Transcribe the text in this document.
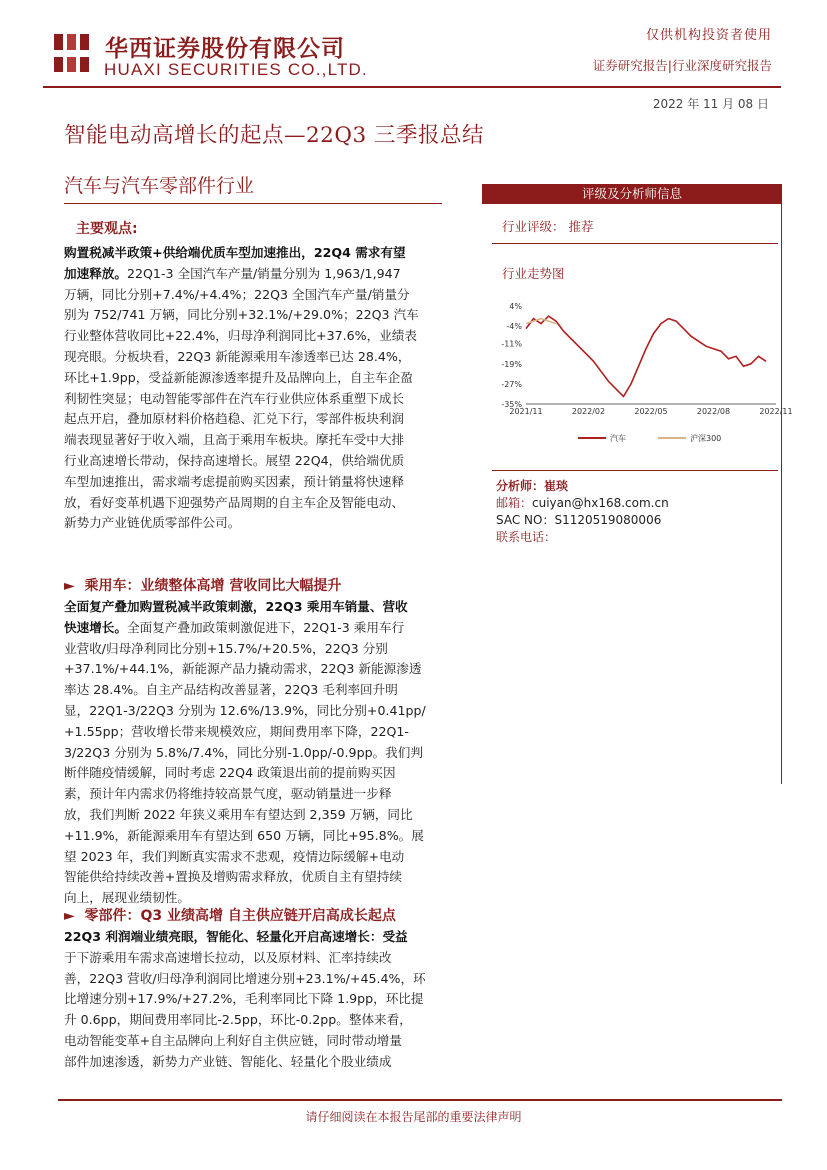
华西证券股份有限公司
HUAXI SECURITIES CO.,LTD.
仅供机构投资者使用
证券研究报告|行业深度研究报告
2022 年 11 月 08 日
智能电动高增长的起点—22Q3 三季报总结
汽车与汽车零部件行业
主要观点:
购置税减半政策+供给端优质车型加速推出，22Q4 需求有望
加速释放。22Q1-3 全国汽车产量/销量分别为 1,963/1,947
万辆，同比分别+7.4%/+4.4%；22Q3 全国汽车产量/销量分
别为 752/741 万辆，同比分别+32.1%/+29.0%；22Q3 汽车
行业整体营收同比+22.4%，归母净利润同比+37.6%，业绩表
现亮眼。分板块看，22Q3 新能源乘用车渗透率已达 28.4%，
环比+1.9pp，受益新能源渗透率提升及品牌向上，自主车企盈
利韧性突显；电动智能零部件在汽车行业供应体系重塑下成长
起点开启，叠加原材料价格趋稳、汇兑下行，零部件板块利润
端表现显著好于收入端，且高于乘用车板块。摩托车受中大排
行业高速增长带动，保持高速增长。展望 22Q4，供给端优质
车型加速推出，需求端考虑提前购买因素，预计销量将快速释
放，看好变革机遇下迎强势产品周期的自主车企及智能电动、
新势力产业链优质零部件公司。
► 乘用车：业绩整体高增 营收同比大幅提升
全面复产叠加购置税减半政策刺激，22Q3 乘用车销量、营收
快速增长。全面复产叠加政策刺激促进下，22Q1-3 乘用车行
业营收/归母净利同比分别+15.7%/+20.5%，22Q3 分别
+37.1%/+44.1%，新能源产品力撬动需求，22Q3 新能源渗透
率达 28.4%。自主产品结构改善显著，22Q3 毛利率回升明
显，22Q1-3/22Q3 分别为 12.6%/13.9%，同比分别+0.41pp/
+1.55pp；营收增长带来规模效应，期间费用率下降，22Q1-
3/22Q3 分别为 5.8%/7.4%，同比分别-1.0pp/-0.9pp。我们判
断伴随疫情缓解，同时考虑 22Q4 政策退出前的提前购买因
素，预计年内需求仍将维持较高景气度，驱动销量进一步释
放，我们判断 2022 年狭义乘用车有望达到 2,359 万辆，同比
+11.9%，新能源乘用车有望达到 650 万辆，同比+95.8%。展
望 2023 年，我们判断真实需求不悲观，疫情边际缓解+电动
智能供给持续改善+置换及增购需求释放，优质自主有望持续
向上，展现业绩韧性。
► 零部件：Q3 业绩高增 自主供应链开启高成长起点
22Q3 利润端业绩亮眼，智能化、轻量化开启高速增长：受益
于下游乘用车需求高速增长拉动，以及原材料、汇率持续改
善，22Q3 营收/归母净利润同比增速分别+23.1%/+45.4%，环
比增速分别+17.9%/+27.2%，毛利率同比下降 1.9pp，环比提
升 0.6pp，期间费用率同比-2.5pp，环比-0.2pp。整体来看，
电动智能变革+自主品牌向上利好自主供应链，同时带动增量
部件加速渗透，新势力产业链、智能化、轻量化个股业绩成
评级及分析师信息
行业评级： 推荐
行业走势图
4%
-4%
-11%
-19%
-27%
-35%
2021/11	2022/02	2022/05	2022/08	2022/11
汽车	沪深300
分析师：崔琰
邮箱：cuiyan@hx168.com.cn
SAC NO：S1120519080006
联系电话：
请仔细阅读在本报告尾部的重要法律声明
